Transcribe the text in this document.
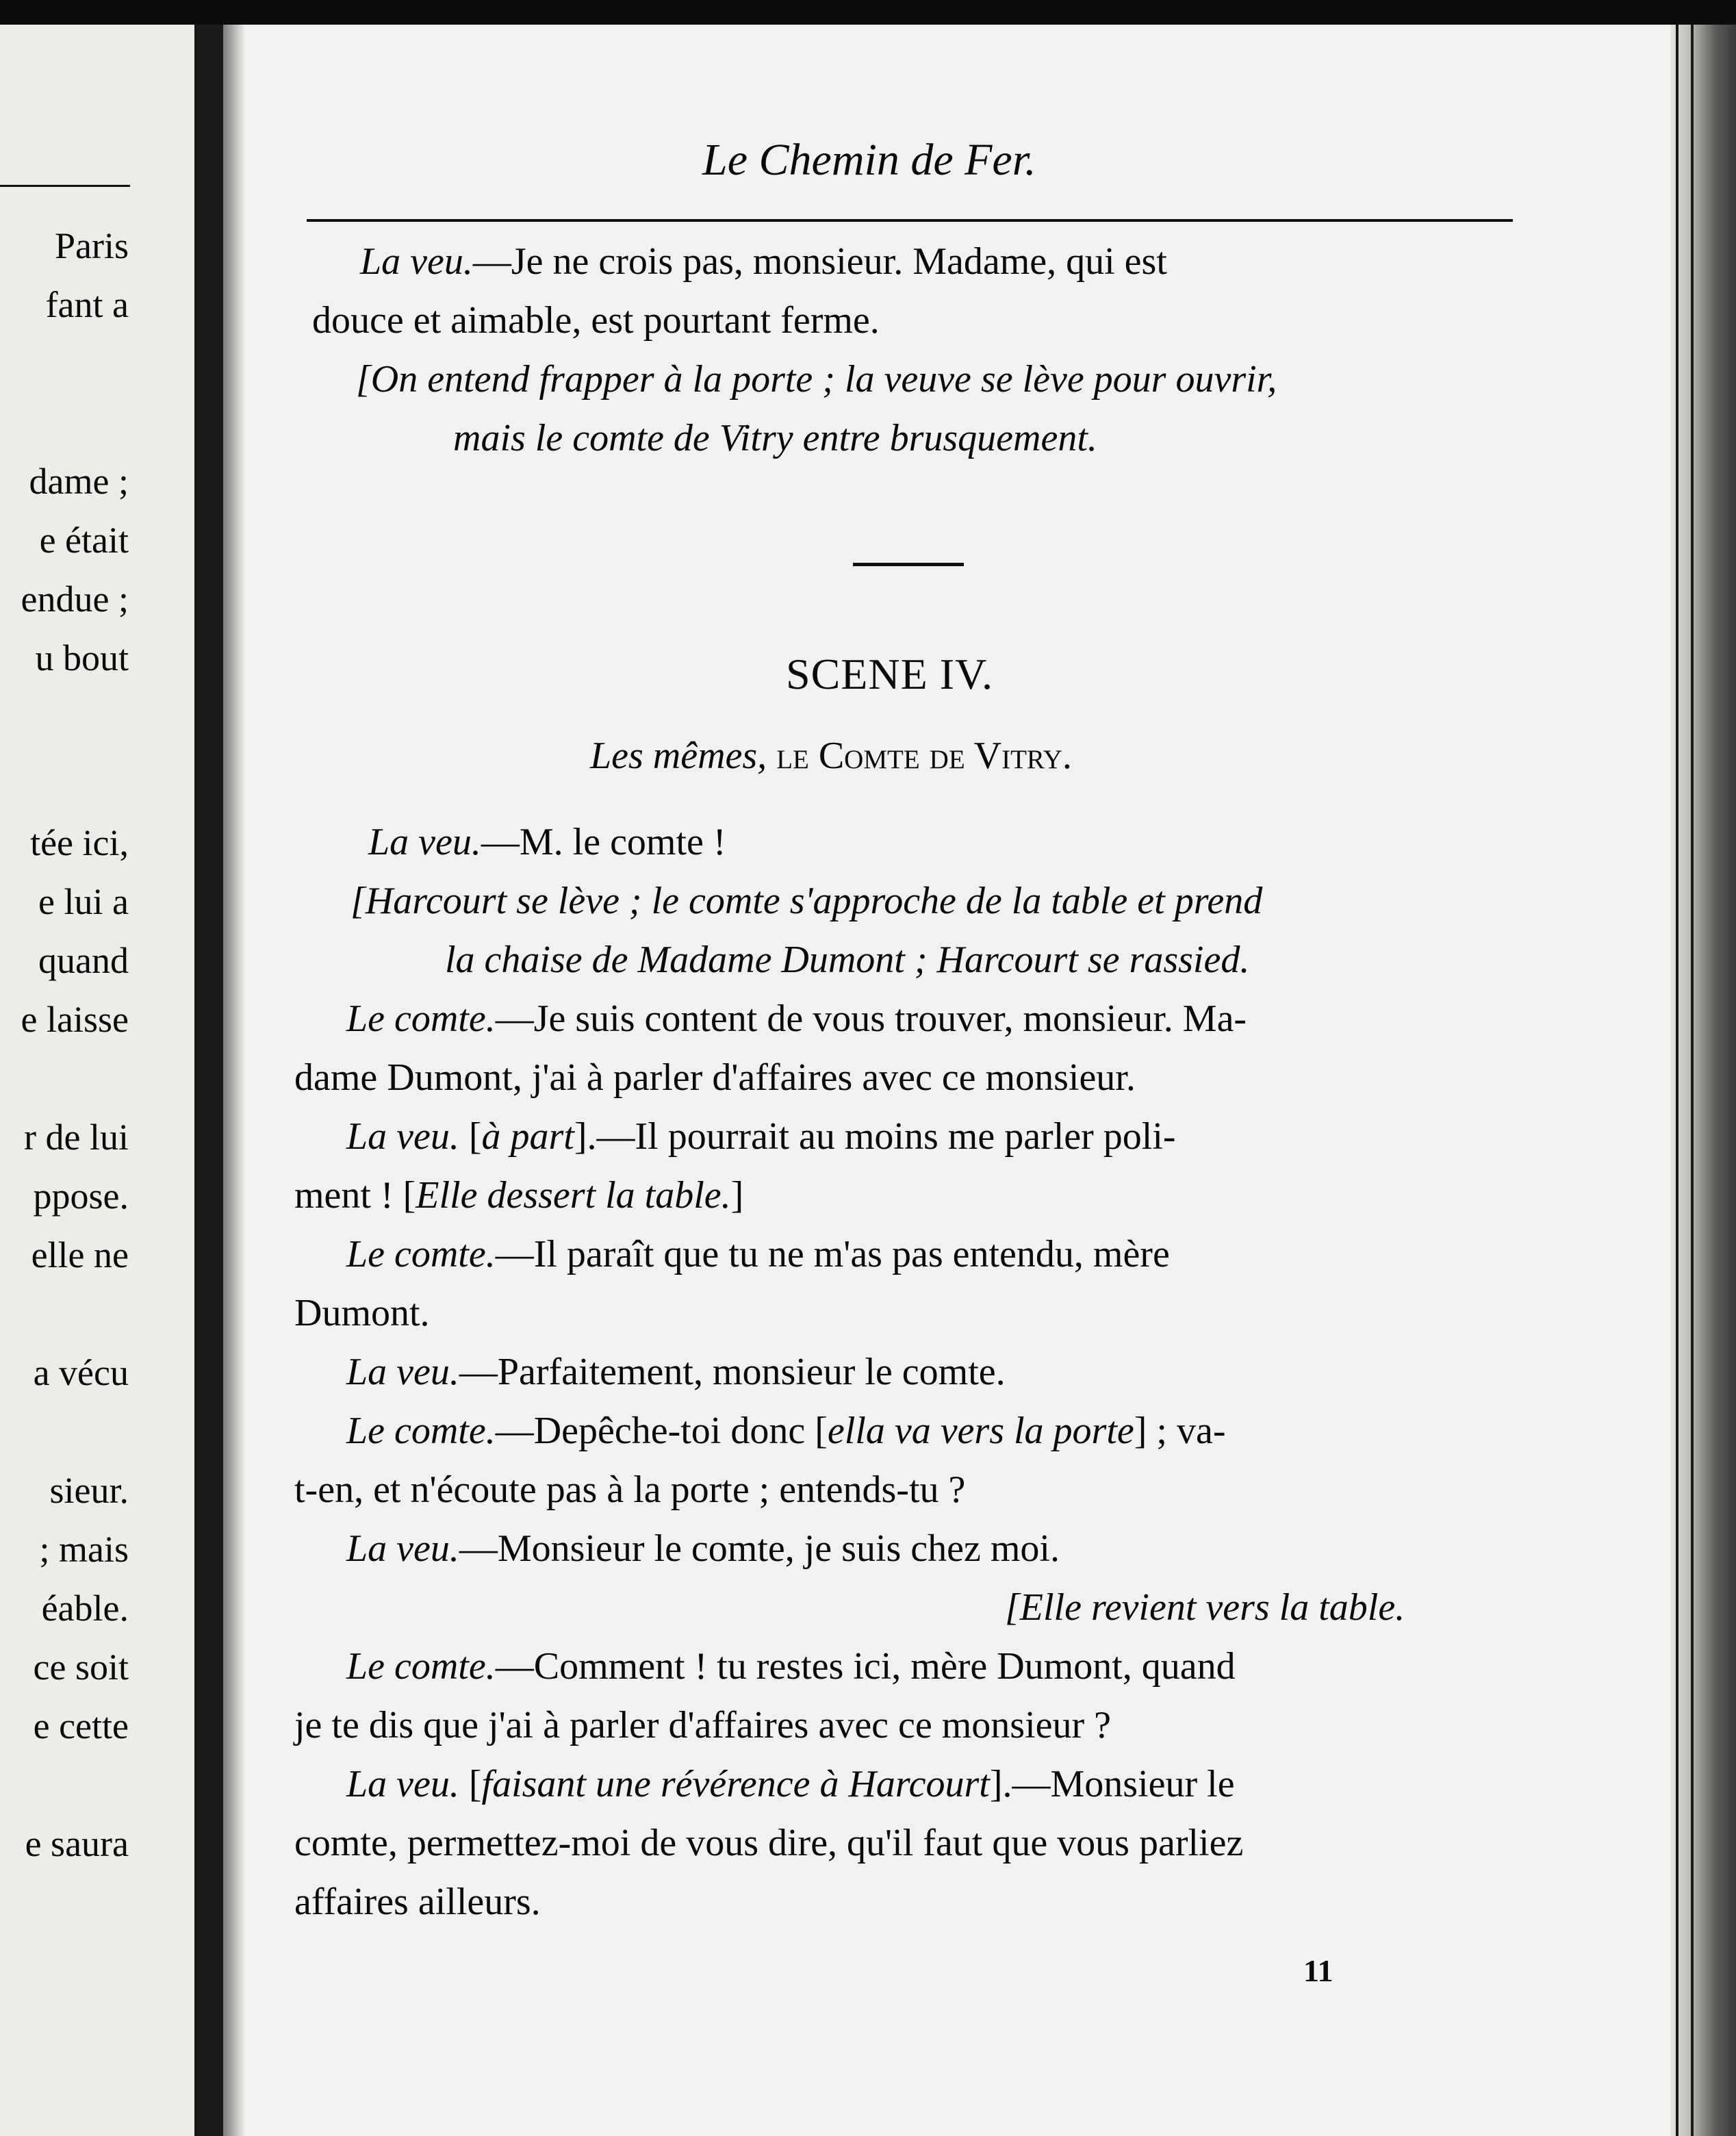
Paris
fant a
dame ;
e était
endue ;
u bout
tée ici,
e lui a
quand
e laisse
r de lui
ppose.
elle ne
a vécu
sieur.
; mais
éable.
ce soit
e cette
e saura
Le Chemin de Fer.
La veu.—Je ne crois pas, monsieur. Madame, qui est
douce et aimable, est pourtant ferme.
[On entend frapper à la porte ; la veuve se lève pour ouvrir,
mais le comte de Vitry entre brusquement.
SCENE IV.
Les mêmes, le Comte de Vitry.
La veu.—M. le comte !
[Harcourt se lève ; le comte s'approche de la table et prend
la chaise de Madame Dumont ; Harcourt se rassied.
Le comte.—Je suis content de vous trouver, monsieur. Ma-
dame Dumont, j'ai à parler d'affaires avec ce monsieur.
La veu. [à part].—Il pourrait au moins me parler poli-
ment ! [Elle dessert la table.]
Le comte.—Il paraît que tu ne m'as pas entendu, mère
Dumont.
La veu.—Parfaitement, monsieur le comte.
Le comte.—Depêche-toi donc [ella va vers la porte] ; va-
t-en, et n'écoute pas à la porte ; entends-tu ?
La veu.—Monsieur le comte, je suis chez moi.
[Elle revient vers la table.
Le comte.—Comment ! tu restes ici, mère Dumont, quand
je te dis que j'ai à parler d'affaires avec ce monsieur ?
La veu. [faisant une révérence à Harcourt].—Monsieur le
comte, permettez-moi de vous dire, qu'il faut que vous parliez
affaires ailleurs.
11
